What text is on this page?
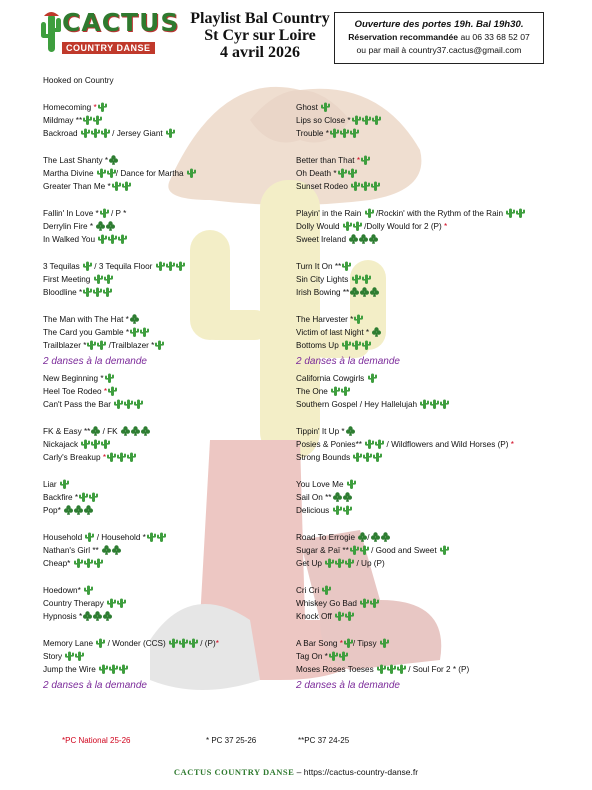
CACTUS
COUNTRY DANSE
Playlist Bal Country
St Cyr sur Loire
4 avril 2026
Ouverture des portes 19h. Bal 19h30.
Réservation recommandée au 06 33 68 52 07
ou par mail à country37.cactus@gmail.com
Hooked on Country
Homecoming *
Mildmay **
Backroad	/ Jersey Giant
The Last Shanty *
Martha Divine / Dance for Martha
Greater Than Me *
Fallin' In Love * / P *
Derrylin Fire *
In Walked You
3 Tequilas  / 3 Tequila Floor
First Meeting
Bloodline *
The Man with The Hat *
The Card you Gamble *
Trailblazer * /Trailblazer *
2 danses à la demande
New Beginning *
Heel Toe Rodeo *
Can't Pass the Bar
FK & Easy ** / FK
Nickajack
Carly's Breakup *
Liar
Backfire *
Pop*
Household  / Household *
Nathan's Girl **
Cheap*
Hoedown*
Country Therapy
Hypnosis *
Memory Lane  / Wonder (CCS)	/ (P)*
Story
Jump the Wire
2 danses à la demande
Ghost
Lips so Close *
Trouble *
Better than That *
Oh Death *
Sunset Rodeo
Playin' in the Rain  /Rockin' with the Rythm of the Rain
Dolly Would  /Dolly Would for 2 (P) *
Sweet Ireland
Turn It On **
Sin City Lights
Irish Bowing **
The Harvester *
Victim of last Night *
Bottoms Up
2 danses à la demande
California Cowgirls
The One
Southern Gospel / Hey Hallelujah
Tippin' It Up *
Posies & Ponies**  / Wildflowers and Wild Horses (P) *
Strong Bounds
You Love Me
Sail On **
Delicious
Road To Errogie /
Sugar & Paï ** / Good and Sweet
Get Up	/ Up (P)
Cri Cri
Whiskey Go Bad
Knock Off
A Bar Song * / Tipsy
Tag On *
Moses Roses Toeses	/ Soul For 2 * (P)
2 danses à la demande
*PC National 25-26	* PC 37 25-26	**PC 37 24-25
CACTUS COUNTRY DANSE – https://cactus-country-danse.fr
